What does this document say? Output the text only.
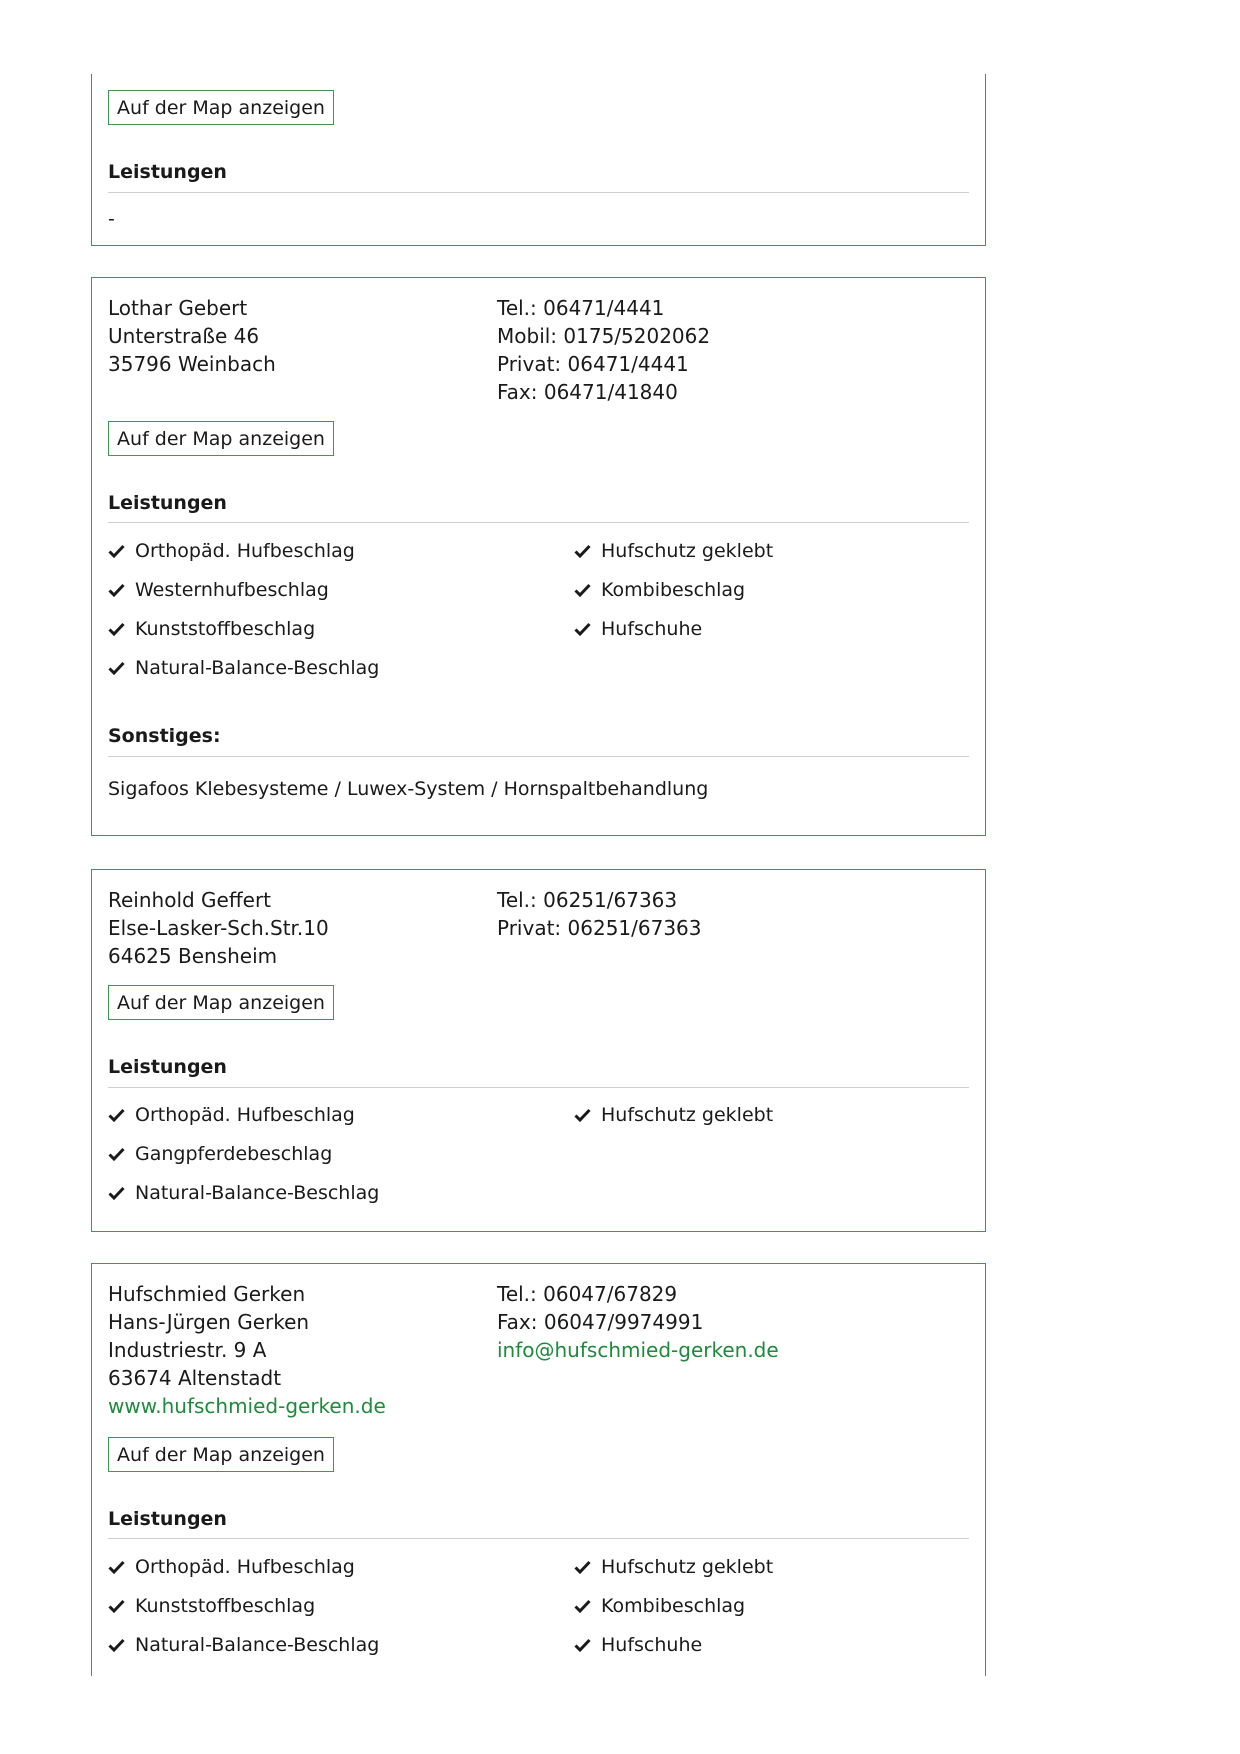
Auf der Map anzeigen
Leistungen
-
Lothar Gebert
Unterstraße 46
35796 Weinbach
Tel.: 06471/4441
Mobil: 0175/5202062
Privat: 06471/4441
Fax: 06471/41840
Auf der Map anzeigen
Leistungen
Orthopäd. Hufbeschlag
Westernhufbeschlag
Kunststoffbeschlag
Natural-Balance-Beschlag
Hufschutz geklebt
Kombibeschlag
Hufschuhe
Sonstiges:
Sigafoos Klebesysteme / Luwex-System / Hornspaltbehandlung
Reinhold Geffert
Else-Lasker-Sch.Str.10
64625 Bensheim
Tel.: 06251/67363
Privat: 06251/67363
Auf der Map anzeigen
Leistungen
Orthopäd. Hufbeschlag
Gangpferdebeschlag
Natural-Balance-Beschlag
Hufschutz geklebt
Hufschmied Gerken
Hans-Jürgen Gerken
Industriestr. 9 A
63674 Altenstadt
www.hufschmied-gerken.de
Tel.: 06047/67829
Fax: 06047/9974991
info@hufschmied-gerken.de
Auf der Map anzeigen
Leistungen
Orthopäd. Hufbeschlag
Kunststoffbeschlag
Natural-Balance-Beschlag
Hufschutz geklebt
Kombibeschlag
Hufschuhe
